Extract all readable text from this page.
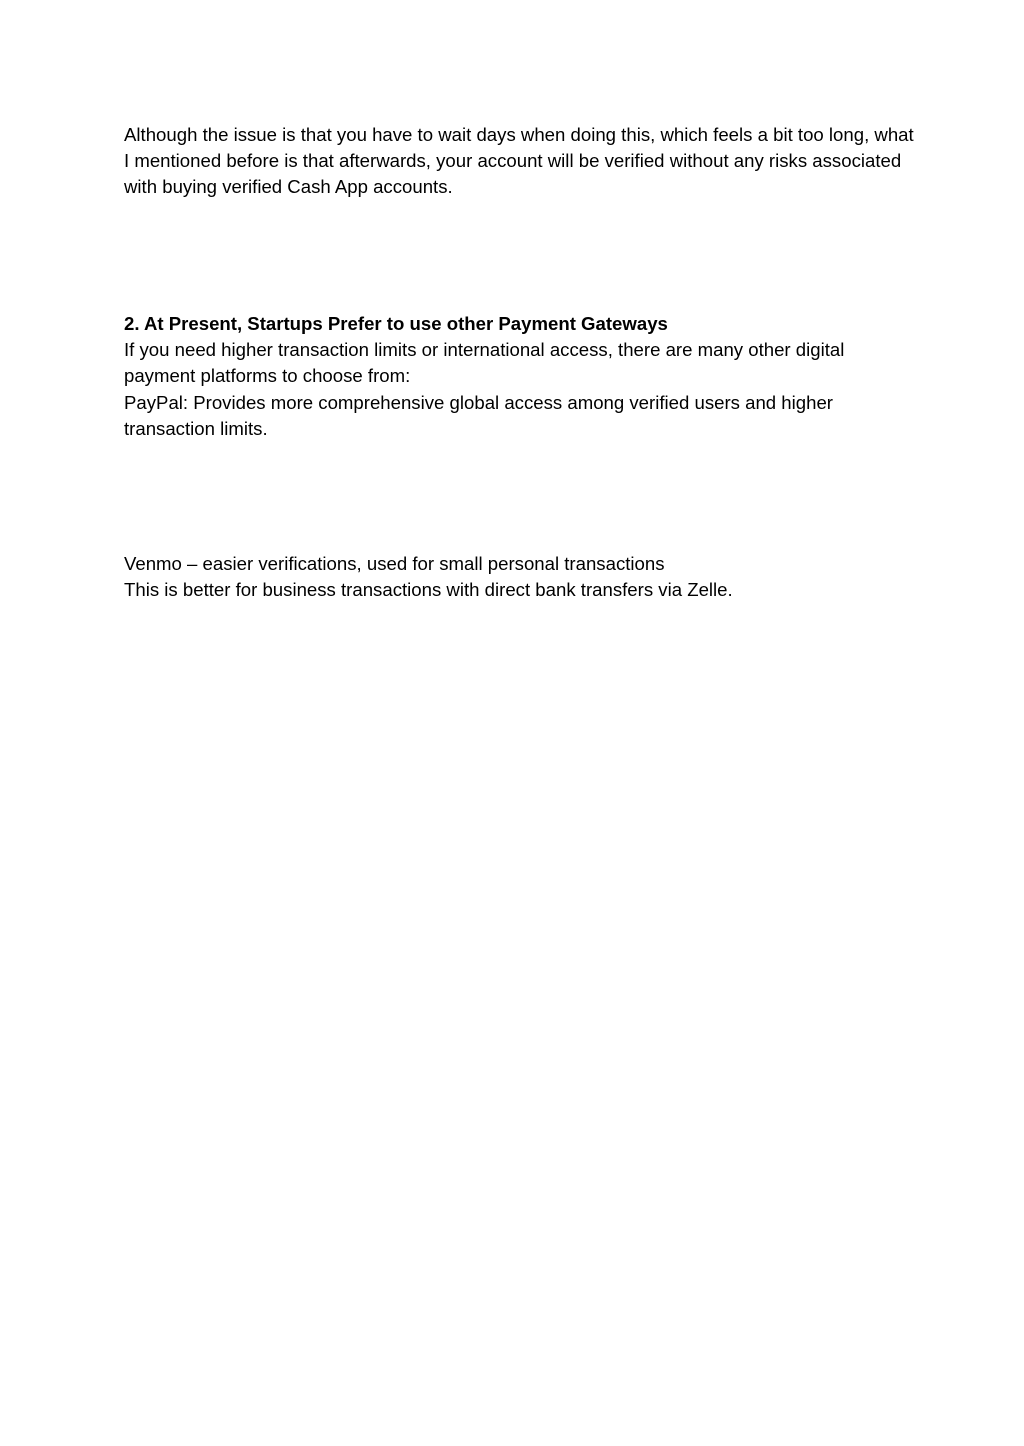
Although the issue is that you have to wait days when doing this, which feels a bit too long, what I mentioned before is that afterwards, your account will be verified without any risks associated with buying verified Cash App accounts.

2. At Present, Startups Prefer to use other Payment Gateways

If you need higher transaction limits or international access, there are many other digital payment platforms to choose from:

PayPal: Provides more comprehensive global access among verified users and higher transaction limits.

Venmo – easier verifications, used for small personal transactions

This is better for business transactions with direct bank transfers via Zelle.
